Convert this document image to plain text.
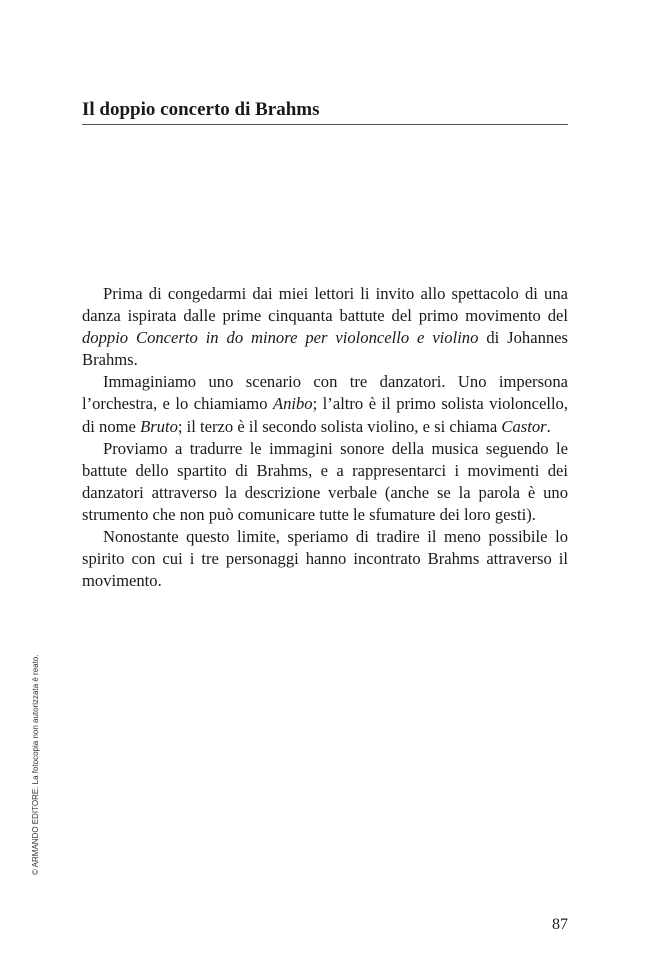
Il doppio concerto di Brahms

Prima di congedarmi dai miei lettori li invito allo spettacolo di una danza ispirata dalle prime cinquanta battute del primo movimento del doppio Concerto in do minore per violoncello e violino di Johannes Brahms.

Immaginiamo uno scenario con tre danzatori. Uno impersona l’orchestra, e lo chiamiamo Anibo; l’altro è il primo solista violoncello, di nome Bruto; il terzo è il secondo solista violino, e si chiama Castor.

Proviamo a tradurre le immagini sonore della musica seguendo le battute dello spartito di Brahms, e a rappresentarci i movimenti dei danzatori attraverso la descrizione verbale (anche se la parola è uno strumento che non può comunicare tutte le sfumature dei loro gesti).

Nonostante questo limite, speriamo di tradire il meno possibile lo spirito con cui i tre personaggi hanno incontrato Brahms attraverso il movimento.

© ARMANDO EDITORE. La fotocopia non autorizzata è reato.
87
